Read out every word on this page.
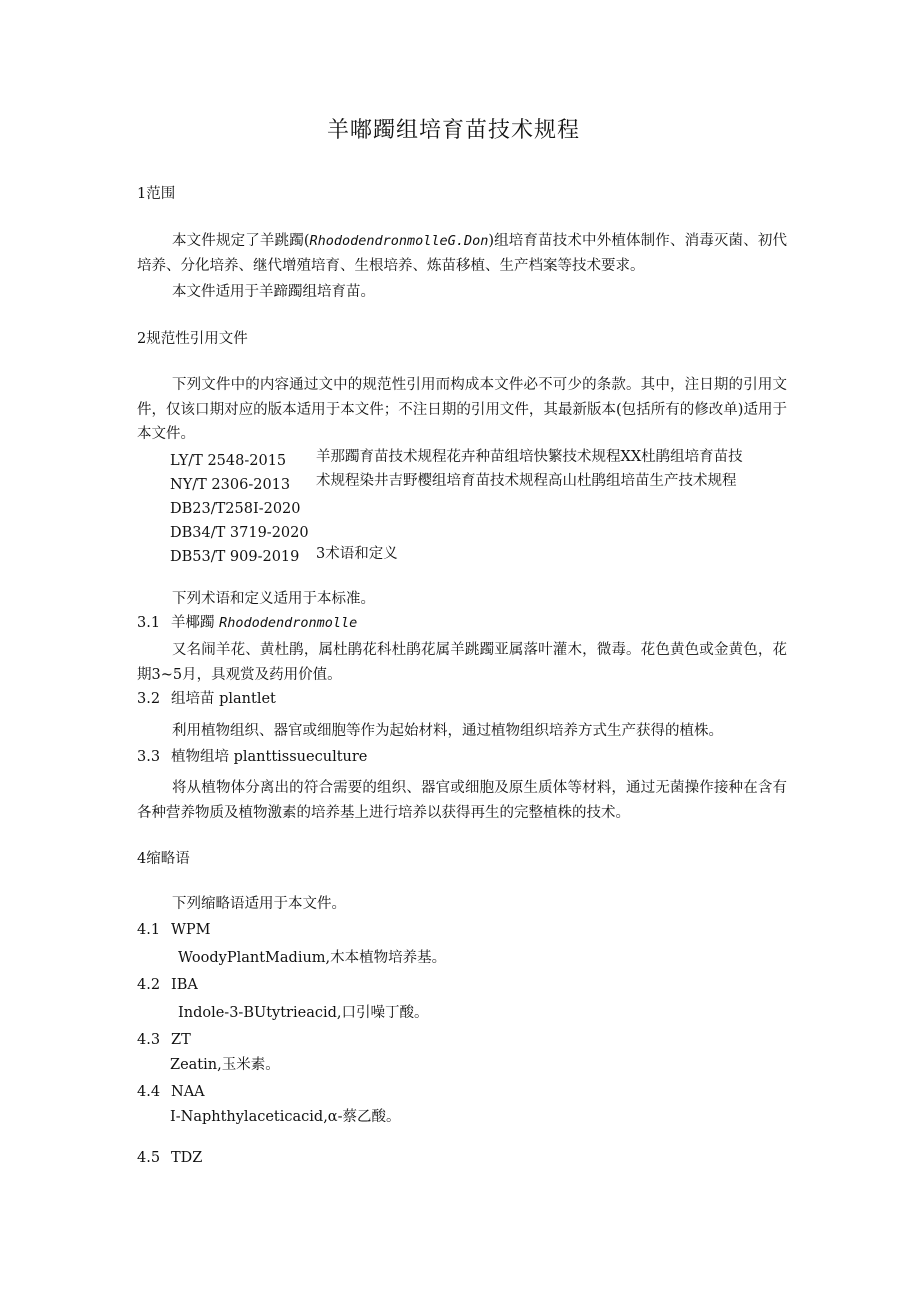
羊嘟躅组培育苗技术规程
1范围
本文件规定了羊跳躅(RhododendronmolleG.Don)组培育苗技术中外植体制作、消毒灭菌、初代培养、分化培养、继代增殖培育、生根培养、炼苗移植、生产档案等技术要求。
本文件适用于羊蹄躅组培育苗。
2规范性引用文件
下列文件中的内容通过文中的规范性引用而构成本文件必不可少的条款。其中，注日期的引用文件，仅该口期对应的版本适用于本文件；不注日期的引用文件，其最新版本(包括所有的修改单)适用于本文件。
LY/T 2548-2015
NY/T 2306-2013
DB23/T258I-2020
DB34/T 3719-2020
DB53/T 909-2019
羊那躅育苗技术规程花卉种苗组培快繁技术规程XX杜鹃组培育苗技
术规程染井吉野樱组培育苗技术规程高山杜鹃组培苗生产技术规程
3术语和定义
下列术语和定义适用于本标准。
3.1 羊椰躅 Rhododendronmolle
又名闹羊花、黄杜鹃，属杜鹃花科杜鹃花属羊跳躅亚属落叶灌木，微毒。花色黄色或金黄色，花期3~5月，具观赏及药用价值。
3.2 组培苗 plantlet
利用植物组织、器官或细胞等作为起始材料，通过植物组织培养方式生产获得的植株。
3.3 植物组培 planttissueculture
将从植物体分离出的符合需要的组织、器官或细胞及原生质体等材料，通过无菌操作接种在含有各种营养物质及植物激素的培养基上进行培养以获得再生的完整植株的技术。
4缩略语
下列缩略语适用于本文件。
4.1 WPM
WoodyPlantMadium,木本植物培养基。
4.2 IBA
Indole-3-BUtytrieacid,口引噪丁酸。
4.3 ZT
Zeatin,玉米素。
4.4 NAA
I-Naphthylaceticacid,α-蔡乙酸。
4.5 TDZ
